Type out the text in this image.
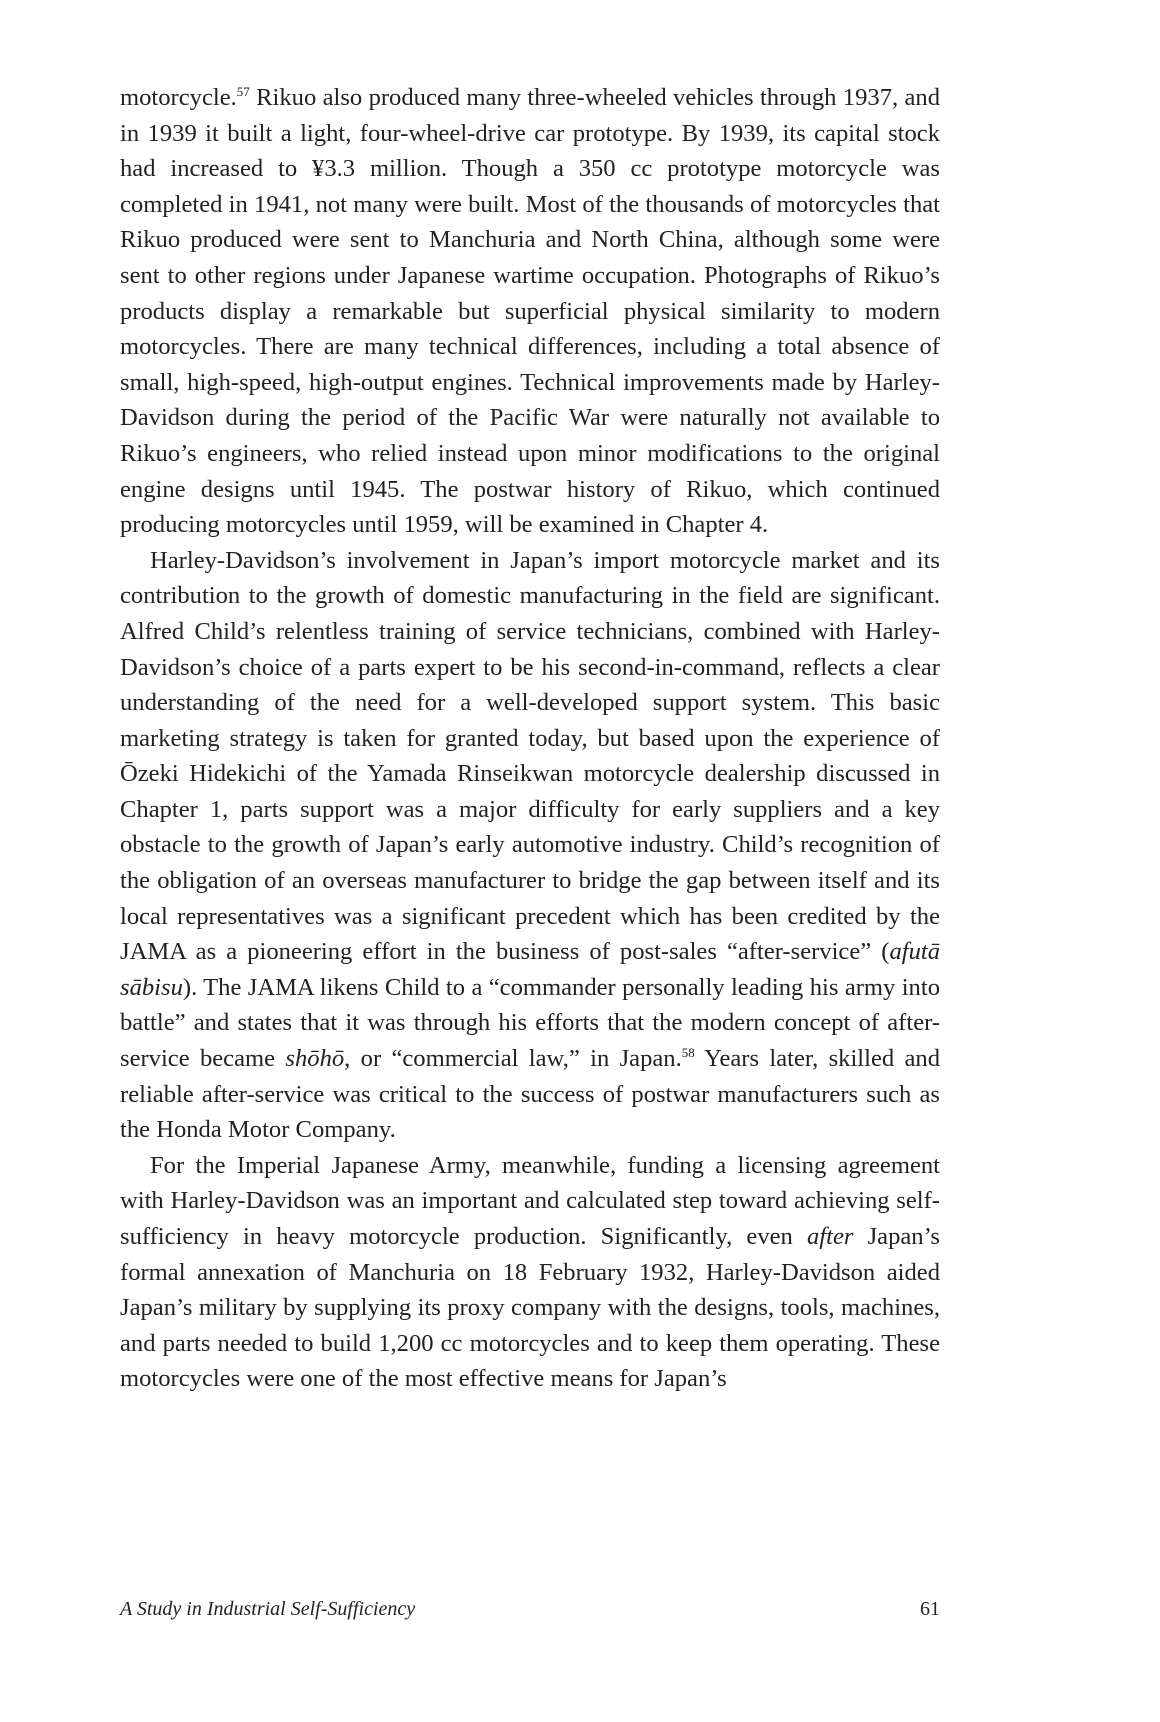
motorcycle.$^{57}$ Rikuo also produced many three-wheeled vehicles through 1937, and in 1939 it built a light, four-wheel-drive car prototype. By 1939, its capital stock had increased to ¥3.3 million. Though a 350 cc prototype motorcycle was completed in 1941, not many were built. Most of the thousands of motorcycles that Rikuo produced were sent to Manchuria and North China, although some were sent to other regions under Japanese wartime occupation. Photographs of Rikuo’s products display a remarkable but superficial physical similarity to modern motorcycles. There are many technical differences, including a total absence of small, high-speed, high-output engines. Technical improvements made by Harley-Davidson during the period of the Pacific War were naturally not available to Rikuo’s engineers, who relied instead upon minor modifications to the original engine designs until 1945. The postwar history of Rikuo, which continued producing motorcycles until 1959, will be examined in Chapter 4.

Harley-Davidson’s involvement in Japan’s import motorcycle market and its contribution to the growth of domestic manufacturing in the field are significant. Alfred Child’s relentless training of service technicians, combined with Harley-Davidson’s choice of a parts expert to be his second-in-command, reflects a clear understanding of the need for a well-developed support system. This basic marketing strategy is taken for granted today, but based upon the experience of Ōzeki Hidekichi of the Yamada Rinseikwan motorcycle dealership discussed in Chapter 1, parts support was a major difficulty for early suppliers and a key obstacle to the growth of Japan’s early automotive industry. Child’s recognition of the obligation of an overseas manufacturer to bridge the gap between itself and its local representatives was a significant precedent which has been credited by the JAMA as a pioneering effort in the business of post-sales “after-service” (afutā sābisu). The JAMA likens Child to a “commander personally leading his army into battle” and states that it was through his efforts that the modern concept of after-service became shōhō, or “commercial law,” in Japan.$^{58}$ Years later, skilled and reliable after-service was critical to the success of postwar manufacturers such as the Honda Motor Company.

For the Imperial Japanese Army, meanwhile, funding a licensing agreement with Harley-Davidson was an important and calculated step toward achieving self-sufficiency in heavy motorcycle production. Significantly, even after Japan’s formal annexation of Manchuria on 18 February 1932, Harley-Davidson aided Japan’s military by supplying its proxy company with the designs, tools, machines, and parts needed to build 1,200 cc motorcycles and to keep them operating. These motorcycles were one of the most effective means for Japan’s

A Study in Industrial Self-Sufficiency	61
